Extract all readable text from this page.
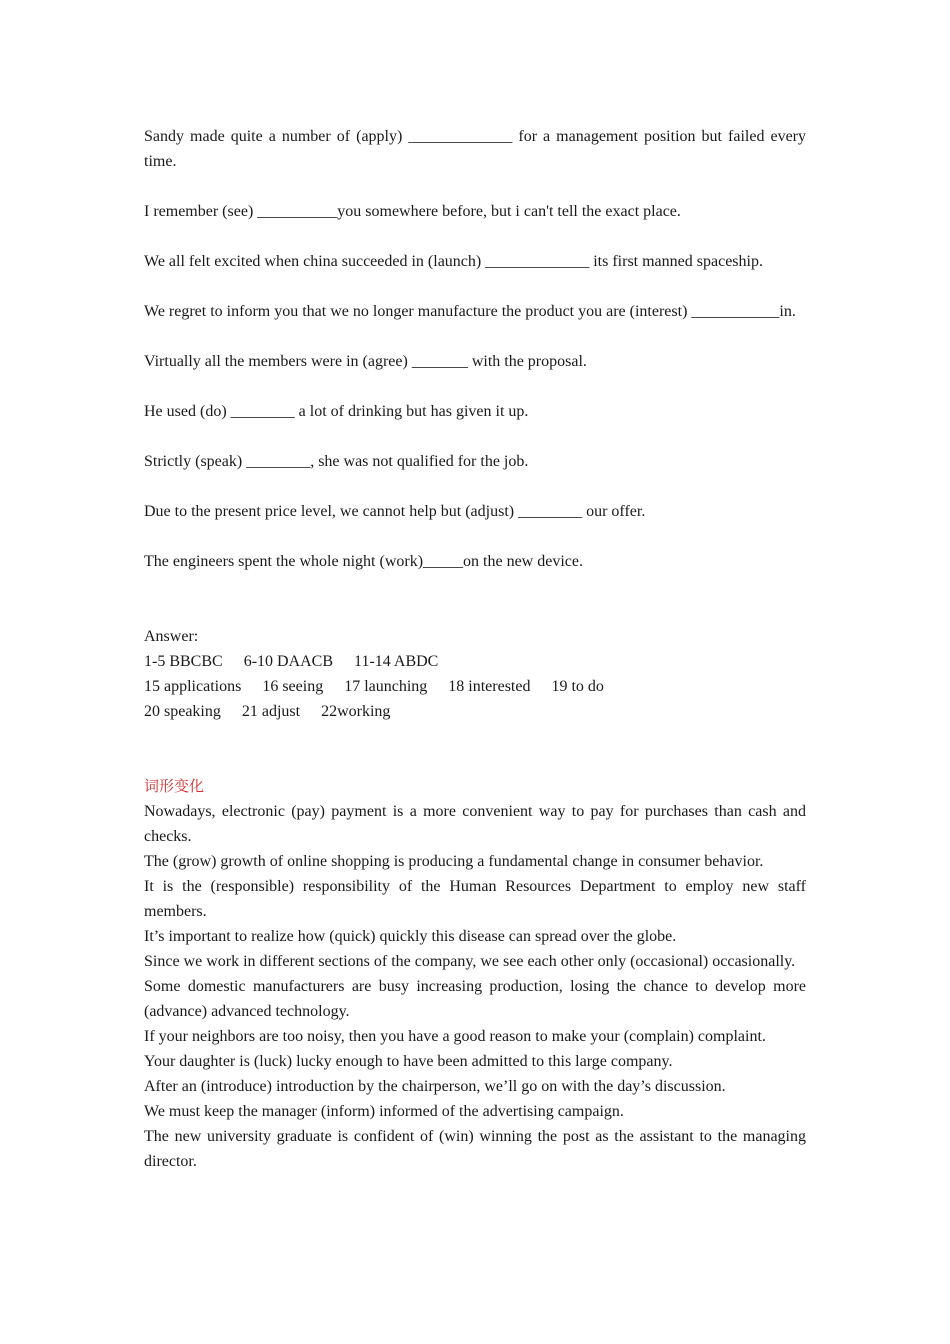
Sandy made quite a number of (apply) _____________ for a management position but failed every time.

I remember (see) __________you somewhere before, but i can't tell the exact place.

We all felt excited when china succeeded in (launch) _____________ its first manned spaceship.

We regret to inform you that we no longer manufacture the product you are (interest) ___________in.

Virtually all the members were in (agree) _______ with the proposal.

He used (do) ________ a lot of drinking but has given it up.

Strictly (speak) ________, she was not qualified for the job.

Due to the present price level, we cannot help but (adjust) ________ our offer.

The engineers spent the whole night (work)_____on the new device.

Answer:

1-5 BBCBC 6-10 DAACB 11-14 ABDC

15 applications 16 seeing 17 launching 18 interested 19 to do

20 speaking 21 adjust 22working

词形变化

Nowadays, electronic (pay) payment is a more convenient way to pay for purchases than cash and checks.

The (grow) growth of online shopping is producing a fundamental change in consumer behavior.

It is the (responsible) responsibility of the Human Resources Department to employ new staff members.

It’s important to realize how (quick) quickly this disease can spread over the globe.

Since we work in different sections of the company, we see each other only (occasional) occasionally.

Some domestic manufacturers are busy increasing production, losing the chance to develop more (advance) advanced technology.

If your neighbors are too noisy, then you have a good reason to make your (complain) complaint.

Your daughter is (luck) lucky enough to have been admitted to this large company.

After an (introduce) introduction by the chairperson, we’ll go on with the day’s discussion.

We must keep the manager (inform) informed of the advertising campaign.

The new university graduate is confident of (win) winning the post as the assistant to the managing director.
